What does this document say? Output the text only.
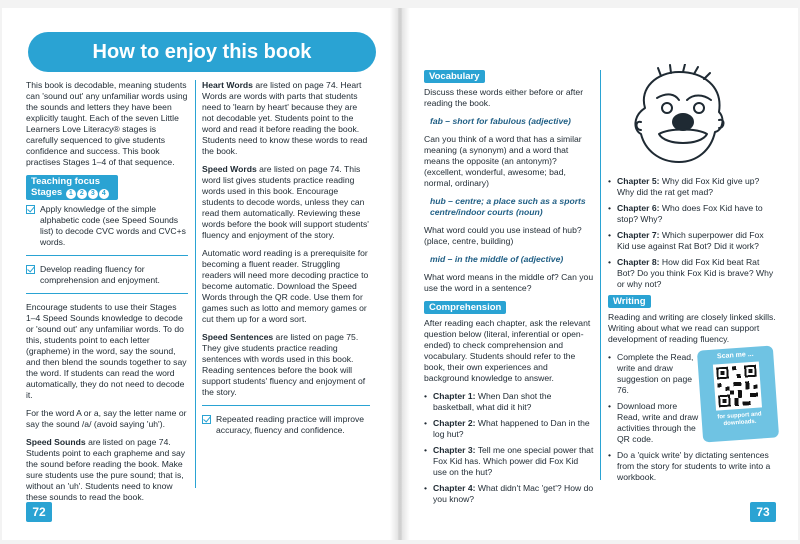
How to enjoy this book

This book is decodable, meaning students can 'sound out' any unfamiliar words using the sounds and letters they have been explicitly taught. Each of the seven Little Learners Love Literacy® stages is carefully sequenced to give students confidence and success. This book practises Stages 1–4 of that sequence.

Teaching focus
Stages 1 2 3 4
Apply knowledge of the simple alphabetic code (see Speed Sounds list) to decode CVC words and CVC+s words.
Develop reading fluency for comprehension and enjoyment.

Encourage students to use their Stages 1–4 Speed Sounds knowledge to decode or 'sound out' any unfamiliar words. To do this, students point to each letter (grapheme) in the word, say the sound, and then blend the sounds together to say the word. If students can read the word automatically, they do not need to decode it.

For the word A or a, say the letter name or say the sound /a/ (avoid saying 'uh').

Speed Sounds are listed on page 74. Students point to each grapheme and say the sound before reading the book. Make sure students use the pure sound; that is, without an 'uh'. Students need to know these sounds to read the book.

Heart Words are listed on page 74. Heart Words are words with parts that students need to 'learn by heart' because they are not decodable yet. Students point to the word and read it before reading the book. Students need to know these words to read the book.

Speed Words are listed on page 74. This word list gives students practice reading words used in this book. Encourage students to decode words, unless they can read them automatically. Reviewing these words before the book will support students' fluency and enjoyment of the story.

Automatic word reading is a prerequisite for becoming a fluent reader. Struggling readers will need more decoding practice to become automatic. Download the Speed Words through the QR code. Use them for games such as lotto and memory games or cut them up for a word sort.

Speed Sentences are listed on page 75. They give students practice reading sentences with words used in this book. Reading sentences before the book will support students' fluency and enjoyment of the story.

Repeated reading practice will improve accuracy, fluency and confidence.
72
Vocabulary

Discuss these words either before or after reading the book.

fab – short for fabulous (adjective)

Can you think of a word that has a similar meaning (a synonym) and a word that means the opposite (an antonym)? (excellent, wonderful, awesome; bad, normal, ordinary)

hub – centre; a place such as a sports centre/indoor courts (noun)

What word could you use instead of hub? (place, centre, building)

mid – in the middle of (adjective)

What word means in the middle of? Can you use the word in a sentence?

Comprehension

After reading each chapter, ask the relevant question below (literal, inferential or open-ended) to check comprehension and vocabulary. Students should refer to the book, their own experiences and background knowledge to answer.

• Chapter 1: When Dan shot the basketball, what did it hit?
• Chapter 2: What happened to Dan in the log hut?
• Chapter 3: Tell me one special power that Fox Kid has. Which power did Fox Kid use on the hut?
• Chapter 4: What didn't Mac 'get'? How do you know?
• Chapter 5: Why did Fox Kid give up? Why did the rat get mad?
• Chapter 6: Who does Fox Kid have to stop? Why?
• Chapter 7: Which superpower did Fox Kid use against Rat Bot? Did it work?
• Chapter 8: How did Fox Kid beat Rat Bot? Do you think Fox Kid is brave? Why or why not?
Writing

Reading and writing are closely linked skills. Writing about what we read can support development of reading fluency.

• Complete the Read, write and draw suggestion on page 76.
• Download more Read, write and draw activities through the QR code.
• Do a 'quick write' by dictating sentences from the story for students to write into a workbook.
Scan me ...
for support and downloads.
73
